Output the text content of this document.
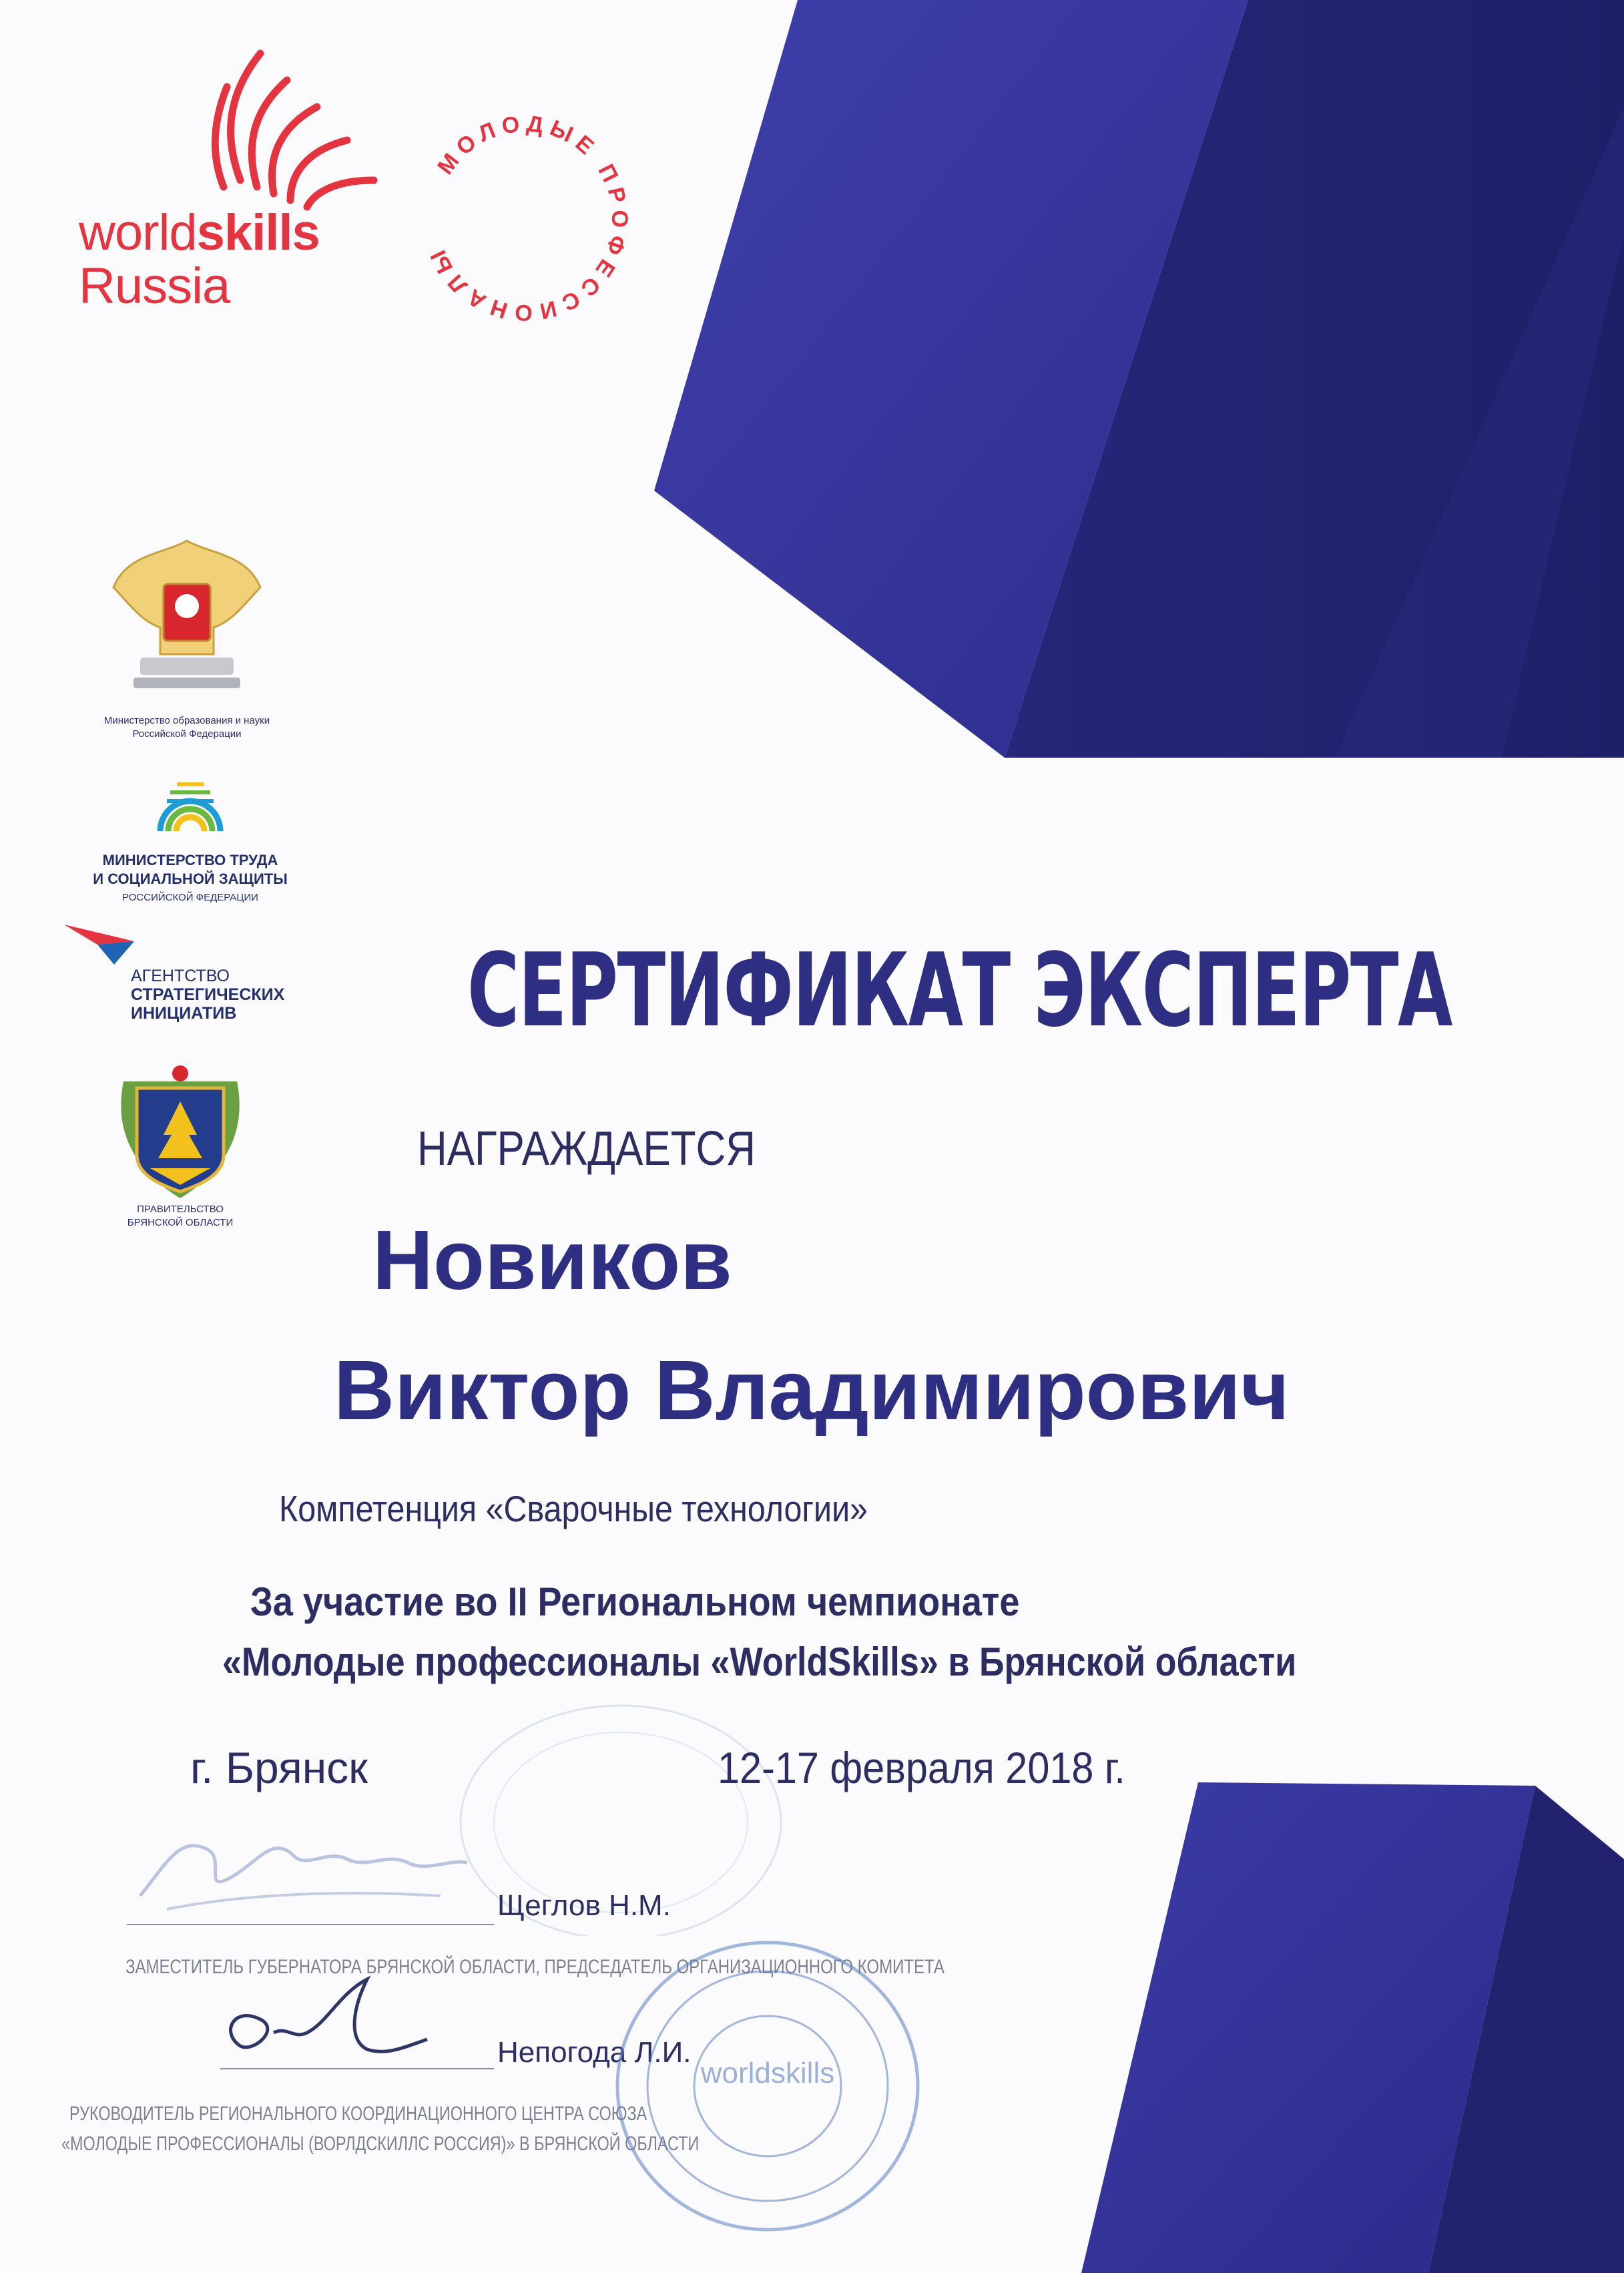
worldskills
Russia
МОЛОДЫЕ ПРОФЕССИОНАЛЫ
Министерство образования и науки
Российской Федерации
МИНИСТЕРСТВО ТРУДА
И СОЦИАЛЬНОЙ ЗАЩИТЫ
РОССИЙСКОЙ ФЕДЕРАЦИИ
АГЕНТСТВО
СТРАТЕГИЧЕСКИХ
ИНИЦИАТИВ
ПРАВИТЕЛЬСТВО
БРЯНСКОЙ ОБЛАСТИ
СЕРТИФИКАТ ЭКСПЕРТА
НАГРАЖДАЕТСЯ
Новиков
Виктор Владимирович
Компетенция «Сварочные технологии»
За участие во II Региональном чемпионате
«Молодые профессионалы «WorldSkills» в Брянской области
г. Брянск	12-17 февраля 2018 г.
Щеглов Н.М.
ЗАМЕСТИТЕЛЬ ГУБЕРНАТОРА БРЯНСКОЙ ОБЛАСТИ, ПРЕДСЕДАТЕЛЬ ОРГАНИЗАЦИОННОГО КОМИТЕТА
Непогода Л.И.
РУКОВОДИТЕЛЬ РЕГИОНАЛЬНОГО КООРДИНАЦИОННОГО ЦЕНТРА СОЮЗА
«МОЛОДЫЕ ПРОФЕССИОНАЛЫ (ВОРЛДСКИЛЛС РОССИЯ)» В БРЯНСКОЙ ОБЛАСТИ
worldskills
